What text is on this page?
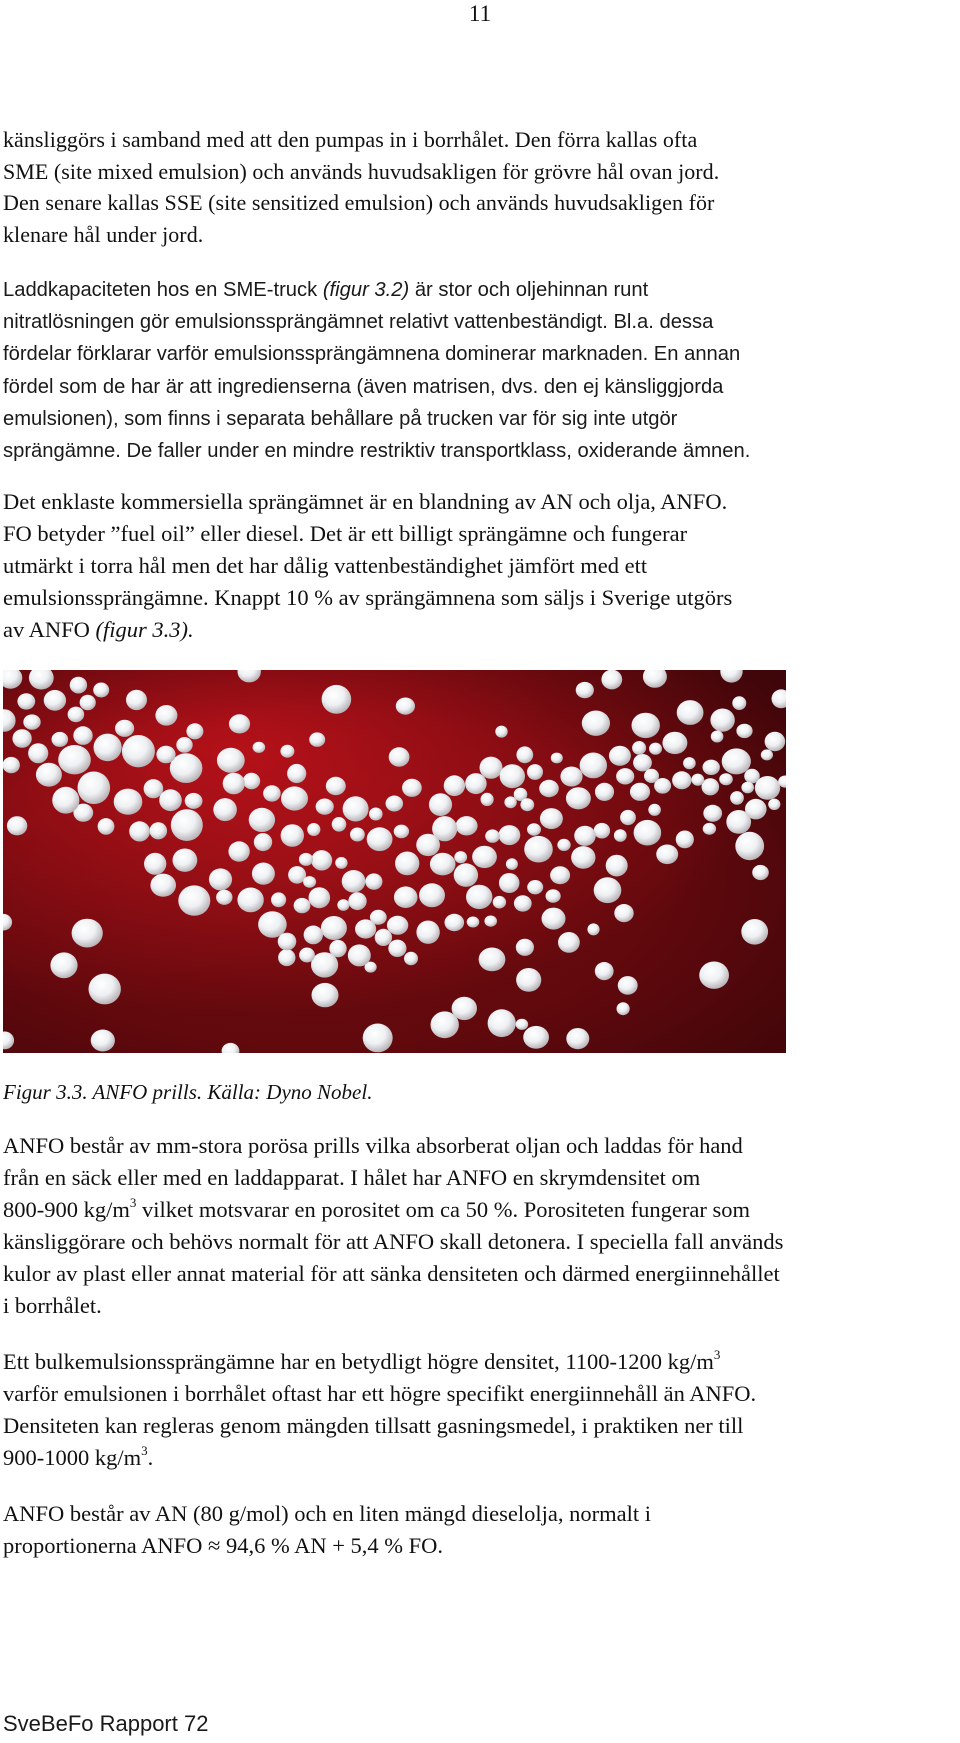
11

känsliggörs i samband med att den pumpas in i borrhålet. Den förra kallas ofta
SME (site mixed emulsion) och används huvudsakligen för grövre hål ovan jord.
Den senare kallas SSE (site sensitized emulsion) och används huvudsakligen för
klenare hål under jord.

Laddkapaciteten hos en SME-truck (figur 3.2) är stor och oljehinnan runt
nitratlösningen gör emulsionssprängämnet relativt vattenbeständigt. Bl.a. dessa
fördelar förklarar varför emulsionssprängämnena dominerar marknaden. En annan
fördel som de har är att ingredienserna (även matrisen, dvs. den ej känsliggjorda
emulsionen), som finns i separata behållare på trucken var för sig inte utgör
sprängämne. De faller under en mindre restriktiv transportklass, oxiderande ämnen.

Det enklaste kommersiella sprängämnet är en blandning av AN och olja, ANFO.
FO betyder ”fuel oil” eller diesel. Det är ett billigt sprängämne och fungerar
utmärkt i torra hål men det har dålig vattenbeständighet jämfört med ett
emulsionssprängämne. Knappt 10 % av sprängämnena som säljs i Sverige utgörs
av ANFO (figur 3.3).

Figur 3.3. ANFO prills. Källa: Dyno Nobel.

ANFO består av mm-stora porösa prills vilka absorberat oljan och laddas för hand
från en säck eller med en laddapparat. I hålet har ANFO en skrymdensitet om
800-900 $kg/m^3$ vilket motsvarar en porositet om ca 50 %. Porositeten fungerar som
känsliggörare och behövs normalt för att ANFO skall detonera. I speciella fall används
kulor av plast eller annat material för att sänka densiteten och därmed energiinnehållet
i borrhålet.

Ett bulkemulsionssprängämne har en betydligt högre densitet, 1100-1200 $kg/m^3$
varför emulsionen i borrhålet oftast har ett högre specifikt energiinnehåll än ANFO.
Densiteten kan regleras genom mängden tillsatt gasningsmedel, i praktiken ner till
900-1000 $kg/m^3$.

ANFO består av AN (80 g/mol) och en liten mängd dieselolja, normalt i
proportionerna ANFO ≈ 94,6 % AN + 5,4 % FO.

SveBeFo Rapport 72
